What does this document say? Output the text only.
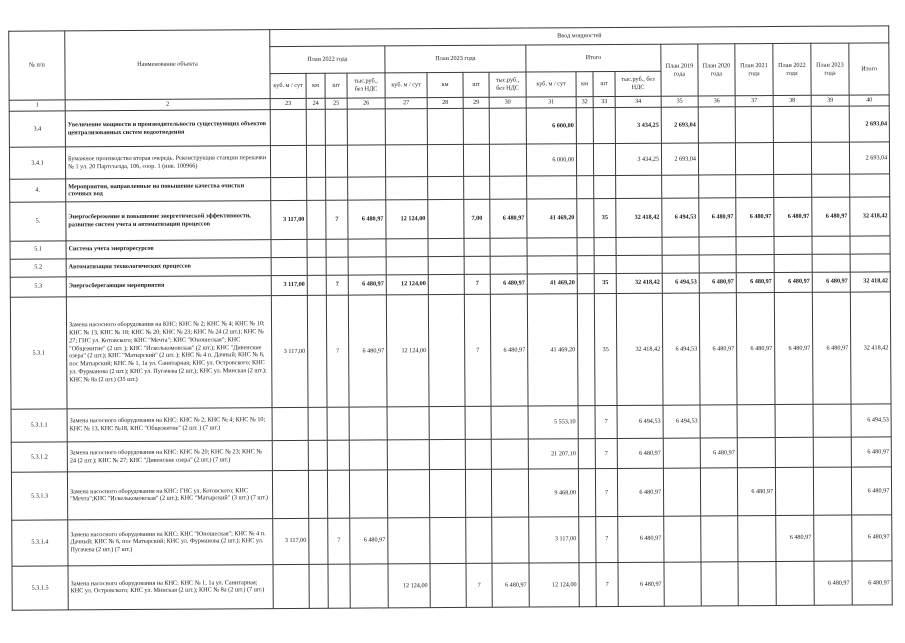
№ п/п	Наименование объекта	Ввод мощностей																	
		План 2022 года				План 2023 года				Итого				План 2019 года	План 2020 года	План 2021 года	План 2022 года	План 2023 года	Итого
		куб. м / сут	км	шт	тыс.руб., без НДС	куб. м / сут	км	шт	тыс.руб., без НДС	куб. м / сут	км	шт	тыс.руб., без НДС						
1	2	23	24	25	26	27	28	29	30	31	32	33	34	35	36	37	38	39	40
3.4	Увеличение мощности и производительности существующих объектов централизованных систем водоотведения									6 000,00			3 434,25	2 693,04					2 693,04
3.4.1	Бумажное производство вторая очередь. Реконструкция станции перекачки № 1 ул. 20 Партсъезда, 106, соор. 1 (инв. 100966)									6 000,00			3 434,25	2 693,04					2 693,04
4.	Мероприятия, направленные на повышение качества очистки сточных вод																		
5.	Энергосбережение и повышение энергетической эффективности, развитие систем учета и автоматизации процессов	3 117,00		7	6 480,97	12 124,00		7,00	6 480,97	41 469,20		35	32 418,42	6 494,53	6 480,97	6 480,97	6 480,97	6 480,97	32 418,42
5.1	Система учета энергоресурсов																		
5.2	Автоматизация технологических процессов																		
5.3	Энергосберегающие мероприятия	3 117,00		7	6 480,97	12 124,00		7	6 480,97	41 469,20		35	32 418,42	6 494,53	6 480,97	6 480,97	6 480,97	6 480,97	32 418,42
5.3.1	Замена насосного оборудования на КНС: КНС № 2; КНС № 4; КНС № 10; КНС № 13, КНС № 18; КНС № 20; КНС № 23; КНС № 24 (2 шт.); КНС № 27; ГНС ул. Котовского; КНС "Мечта"; КНС "Юношеская"; КНС "Общежитие" (2 шт. ); КНС "Искелькомовская" (2 шт.); КНС "Дивенские озера" (2 шт.); КНС "Матырский" (2 шт. ); КНС № 4 п. Дачный; КНС № 6, пос Матырский; КНС № 1, 1а ул. Санитарная; КНС ул. Островского; КНС ул. Фурманова (2 шт.); КНС ул. Пугачева (2 шт.); КНС ул. Минская (2 шт.); КНС № 8а (2 шт.) (35 шт.)	3 117,00		7	6 480,97	12 124,00		7	6 480,97	41 469,20		35	32 418,42	6 494,53	6 480,97	6 480,97	6 480,97	6 480,97	32 418,42
5.3.1.1	Замена насосного оборудования на КНС: КНС № 2; КНС № 4; КНС № 10; КНС № 13, КНС №18, КНС "Общежитие" (2 шт. ) (7 шт.)									5 553,10		7	6 494,53	6 494,53					6 494,53
5.3.1.2	Замена насосного оборудования на КНС: КНС № 20; КНС № 23; КНС № 24 (2 шт.); КНС № 27; КНС "Дивенские озера" (2 шт.) (7 шт.)									21 207,10		7	6 480,97		6 480,97				6 480,97
5.3.1.3	Замена насосного оборудования на КНС: ГНС ул. Котовского; КНС "Мечта";КНС "Искелькомовская" (2 шт.); КНС "Матырский" (3 шт.) (7 шт.)									9 468,00		7	6 480,97			6 480,97			6 480,97
5.3.1.4	Замена насосного оборудования на КНС: КНС "Юношеская"; КНС № 4 п. Дачный; КНС № 6, пос Матырский; КНС ул. Фурманова (2 шт.); КНС ул. Пугачева (2 шт.) (7 шт.)	3 117,00		7	6 480,97					3 117,00		7	6 480,97				6 480,97		6 480,97
5.3.1.5	Замена насосного оборудования на КНС: КНС № 1, 1а ул. Санитарная; КНС ул. Островского; КНС ул. Минская (2 шт.); КНС № 8а (2 шт.) (7 шт.)					12 124,00		7	6 480,97	12 124,00		7	6 480,97					6 480,97	6 480,97
